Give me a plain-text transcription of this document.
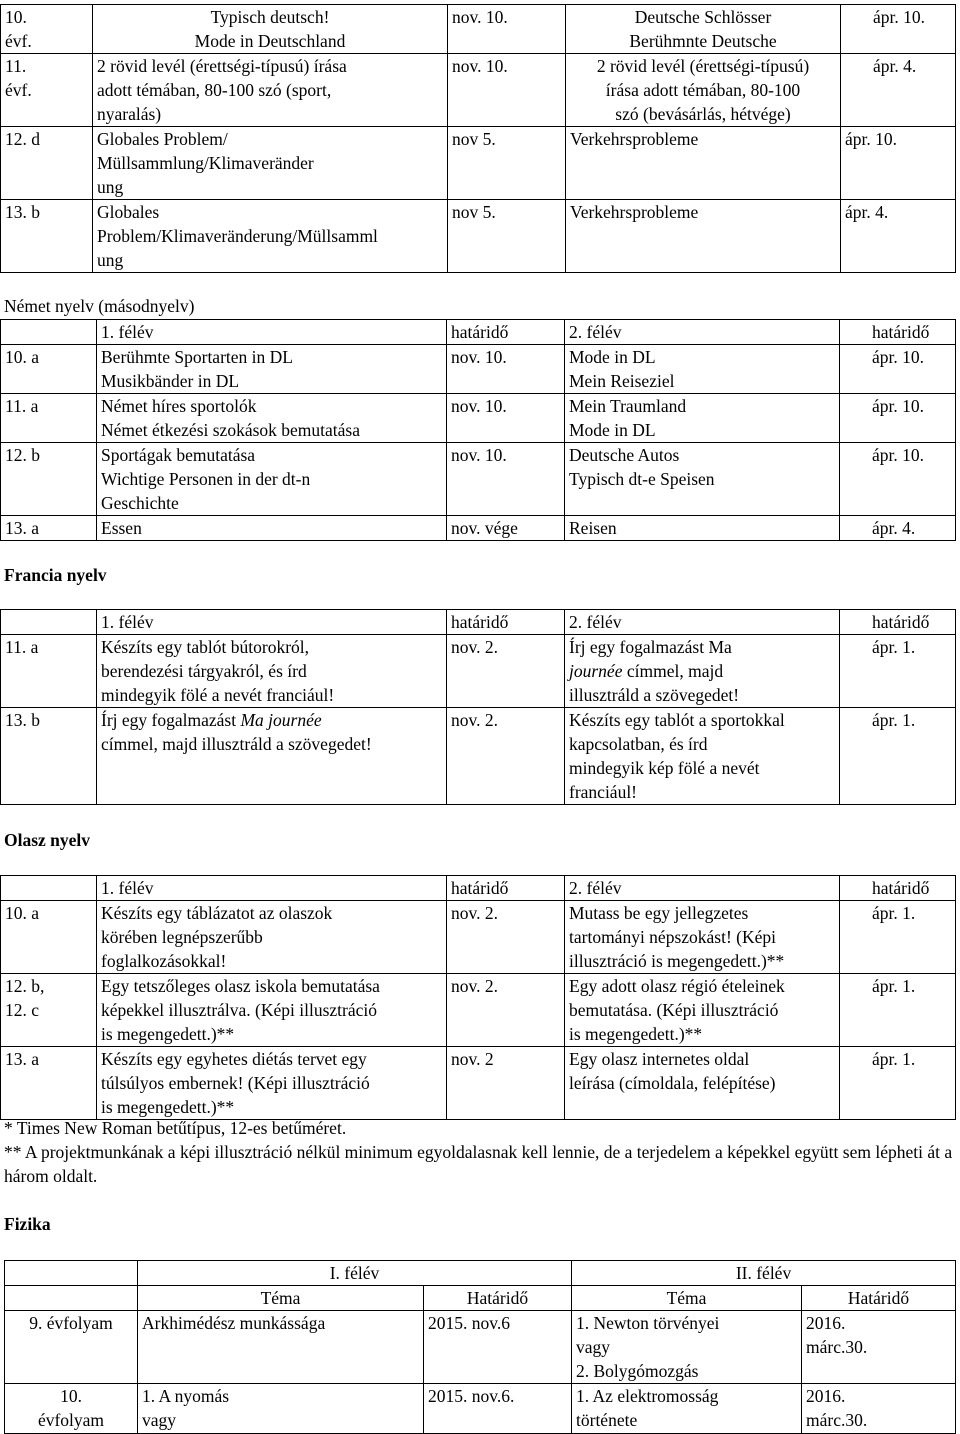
10.
évf.	Typisch deutsch!
Mode in Deutschland	nov. 10.	Deutsche Schlösser
Berühmnte Deutsche	ápr. 10.
11.
évf.	2 rövid levél (érettségi-típusú) írása
adott témában, 80-100 szó (sport,
nyaralás)	nov. 10.	2 rövid levél (érettségi-típusú)
írása adott témában, 80-100
szó (bevásárlás, hétvége)	ápr. 4.
12. d	Globales Problem/
Müllsammlung/Klimaveränder
ung	nov 5.	Verkehrsprobleme	ápr. 10.
13. b	Globales
Problem/Klimaveränderung/Müllsamml
ung	nov 5.	Verkehrsprobleme	ápr. 4.
Német nyelv (másodnyelv)
	1. félév	határidő	2. félév	határidő
10. a	Berühmte Sportarten in DL
Musikbänder in DL	nov. 10.	Mode in DL
Mein Reiseziel	ápr. 10.
11. a	Német híres sportolók
Német étkezési szokások bemutatása	nov. 10.	Mein Traumland
Mode in DL	ápr. 10.
12. b	Sportágak bemutatása
Wichtige Personen in der dt-n
Geschichte	nov. 10.	Deutsche Autos
Typisch dt-e Speisen	ápr. 10.
13. a	Essen	nov. vége	Reisen	ápr. 4.
Francia nyelv
	1. félév	határidő	2. félév	határidő
11. a	Készíts egy tablót bútorokról,
berendezési tárgyakról, és írd
mindegyik fölé a nevét franciául!	nov. 2.	Írj egy fogalmazást Ma
journée címmel, majd
illusztráld a szövegedet!	ápr. 1.
13. b	Írj egy fogalmazást Ma journée
címmel, majd illusztráld a szövegedet!	nov. 2.	Készíts egy tablót a sportokkal
kapcsolatban, és írd
mindegyik kép fölé a nevét
franciául!	ápr. 1.
Olasz nyelv
	1. félév	határidő	2. félév	határidő
10. a	Készíts egy táblázatot az olaszok
körében legnépszerűbb
foglalkozásokkal!	nov. 2.	Mutass be egy jellegzetes
tartományi népszokást! (Képi
illusztráció is megengedett.)**	ápr. 1.
12. b,
12. c	Egy tetszőleges olasz iskola bemutatása
képekkel illusztrálva. (Képi illusztráció
is megengedett.)**	nov. 2.	Egy adott olasz régió ételeinek
bemutatása. (Képi illusztráció
is megengedett.)**	ápr. 1.
13. a	Készíts egy egyhetes diétás tervet egy
túlsúlyos embernek! (Képi illusztráció
is megengedett.)**	nov. 2	Egy olasz internetes oldal
leírása (címoldala, felépítése)	ápr. 1.
* Times New Roman betűtípus, 12-es betűméret.
** A projektmunkának a képi illusztráció nélkül minimum egyoldalasnak kell lennie, de a terjedelem a képekkel együtt sem lépheti át a három oldalt.
Fizika
	I. félév		II. félév	
	Téma	Határidő	Téma	Határidő
9. évfolyam	Arkhimédész munkássága	2015. nov.6	1. Newton törvényei
vagy
2. Bolygómozgás	2016.
márc.30.
10.
évfolyam	1. A nyomás
vagy	2015. nov.6.	1. Az elektromosság
története	2016.
márc.30.
